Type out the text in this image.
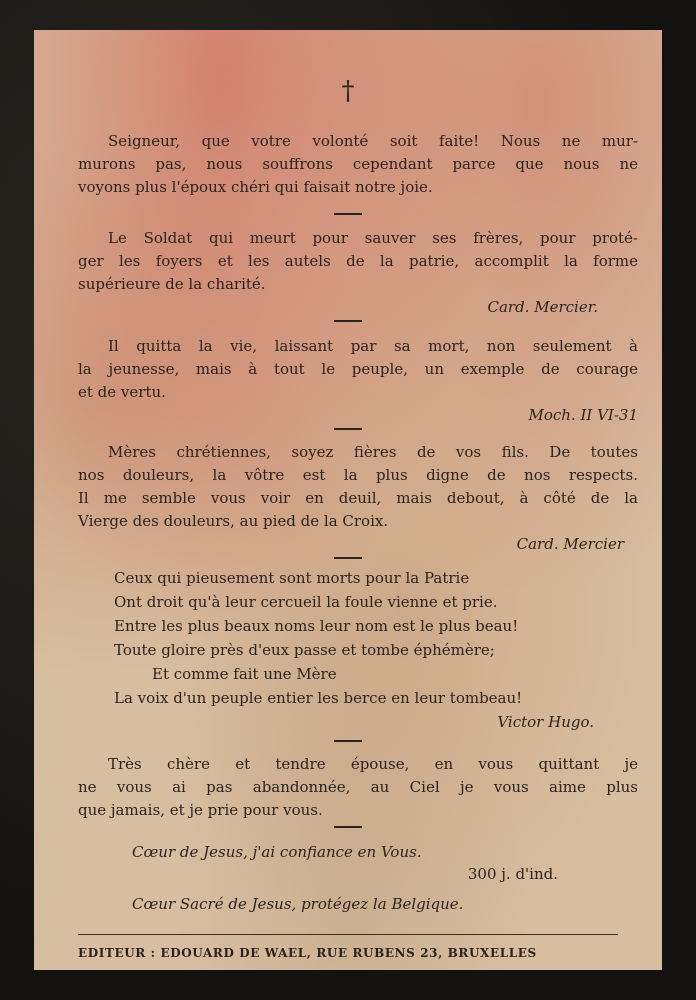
†
Seigneur, que votre volonté soit faite! Nous ne mur-
murons pas, nous souffrons cependant parce que nous ne
voyons plus l'époux chéri qui faisait notre joie.
Le Soldat qui meurt pour sauver ses frères, pour proté-
ger les foyers et les autels de la patrie, accomplit la forme
supérieure de la charité.
Card. Mercier.
Il quitta la vie, laissant par sa mort, non seulement à
la jeunesse, mais à tout le peuple, un exemple de courage
et de vertu.
Moch. II VI-31
Mères chrétiennes, soyez fières de vos fils. De toutes
nos douleurs, la vôtre est la plus digne de nos respects.
Il me semble vous voir en deuil, mais debout, à côté de la
Vierge des douleurs, au pied de la Croix.
Card. Mercier
Ceux qui pieusement sont morts pour la Patrie
Ont droit qu'à leur cercueil la foule vienne et prie.
Entre les plus beaux noms leur nom est le plus beau!
Toute gloire près d'eux passe et tombe éphémère;
Et comme fait une Mère
La voix d'un peuple entier les berce en leur tombeau!
Victor Hugo.
Très chère et tendre épouse, en vous quittant je
ne vous ai pas abandonnée, au Ciel je vous aime plus
que jamais, et je prie pour vous.
Cœur de Jesus, j'ai confiance en Vous.
300 j. d'ind.
Cœur Sacré de Jesus, protégez la Belgique.
EDITEUR : EDOUARD DE WAEL, RUE RUBENS 23, BRUXELLES
